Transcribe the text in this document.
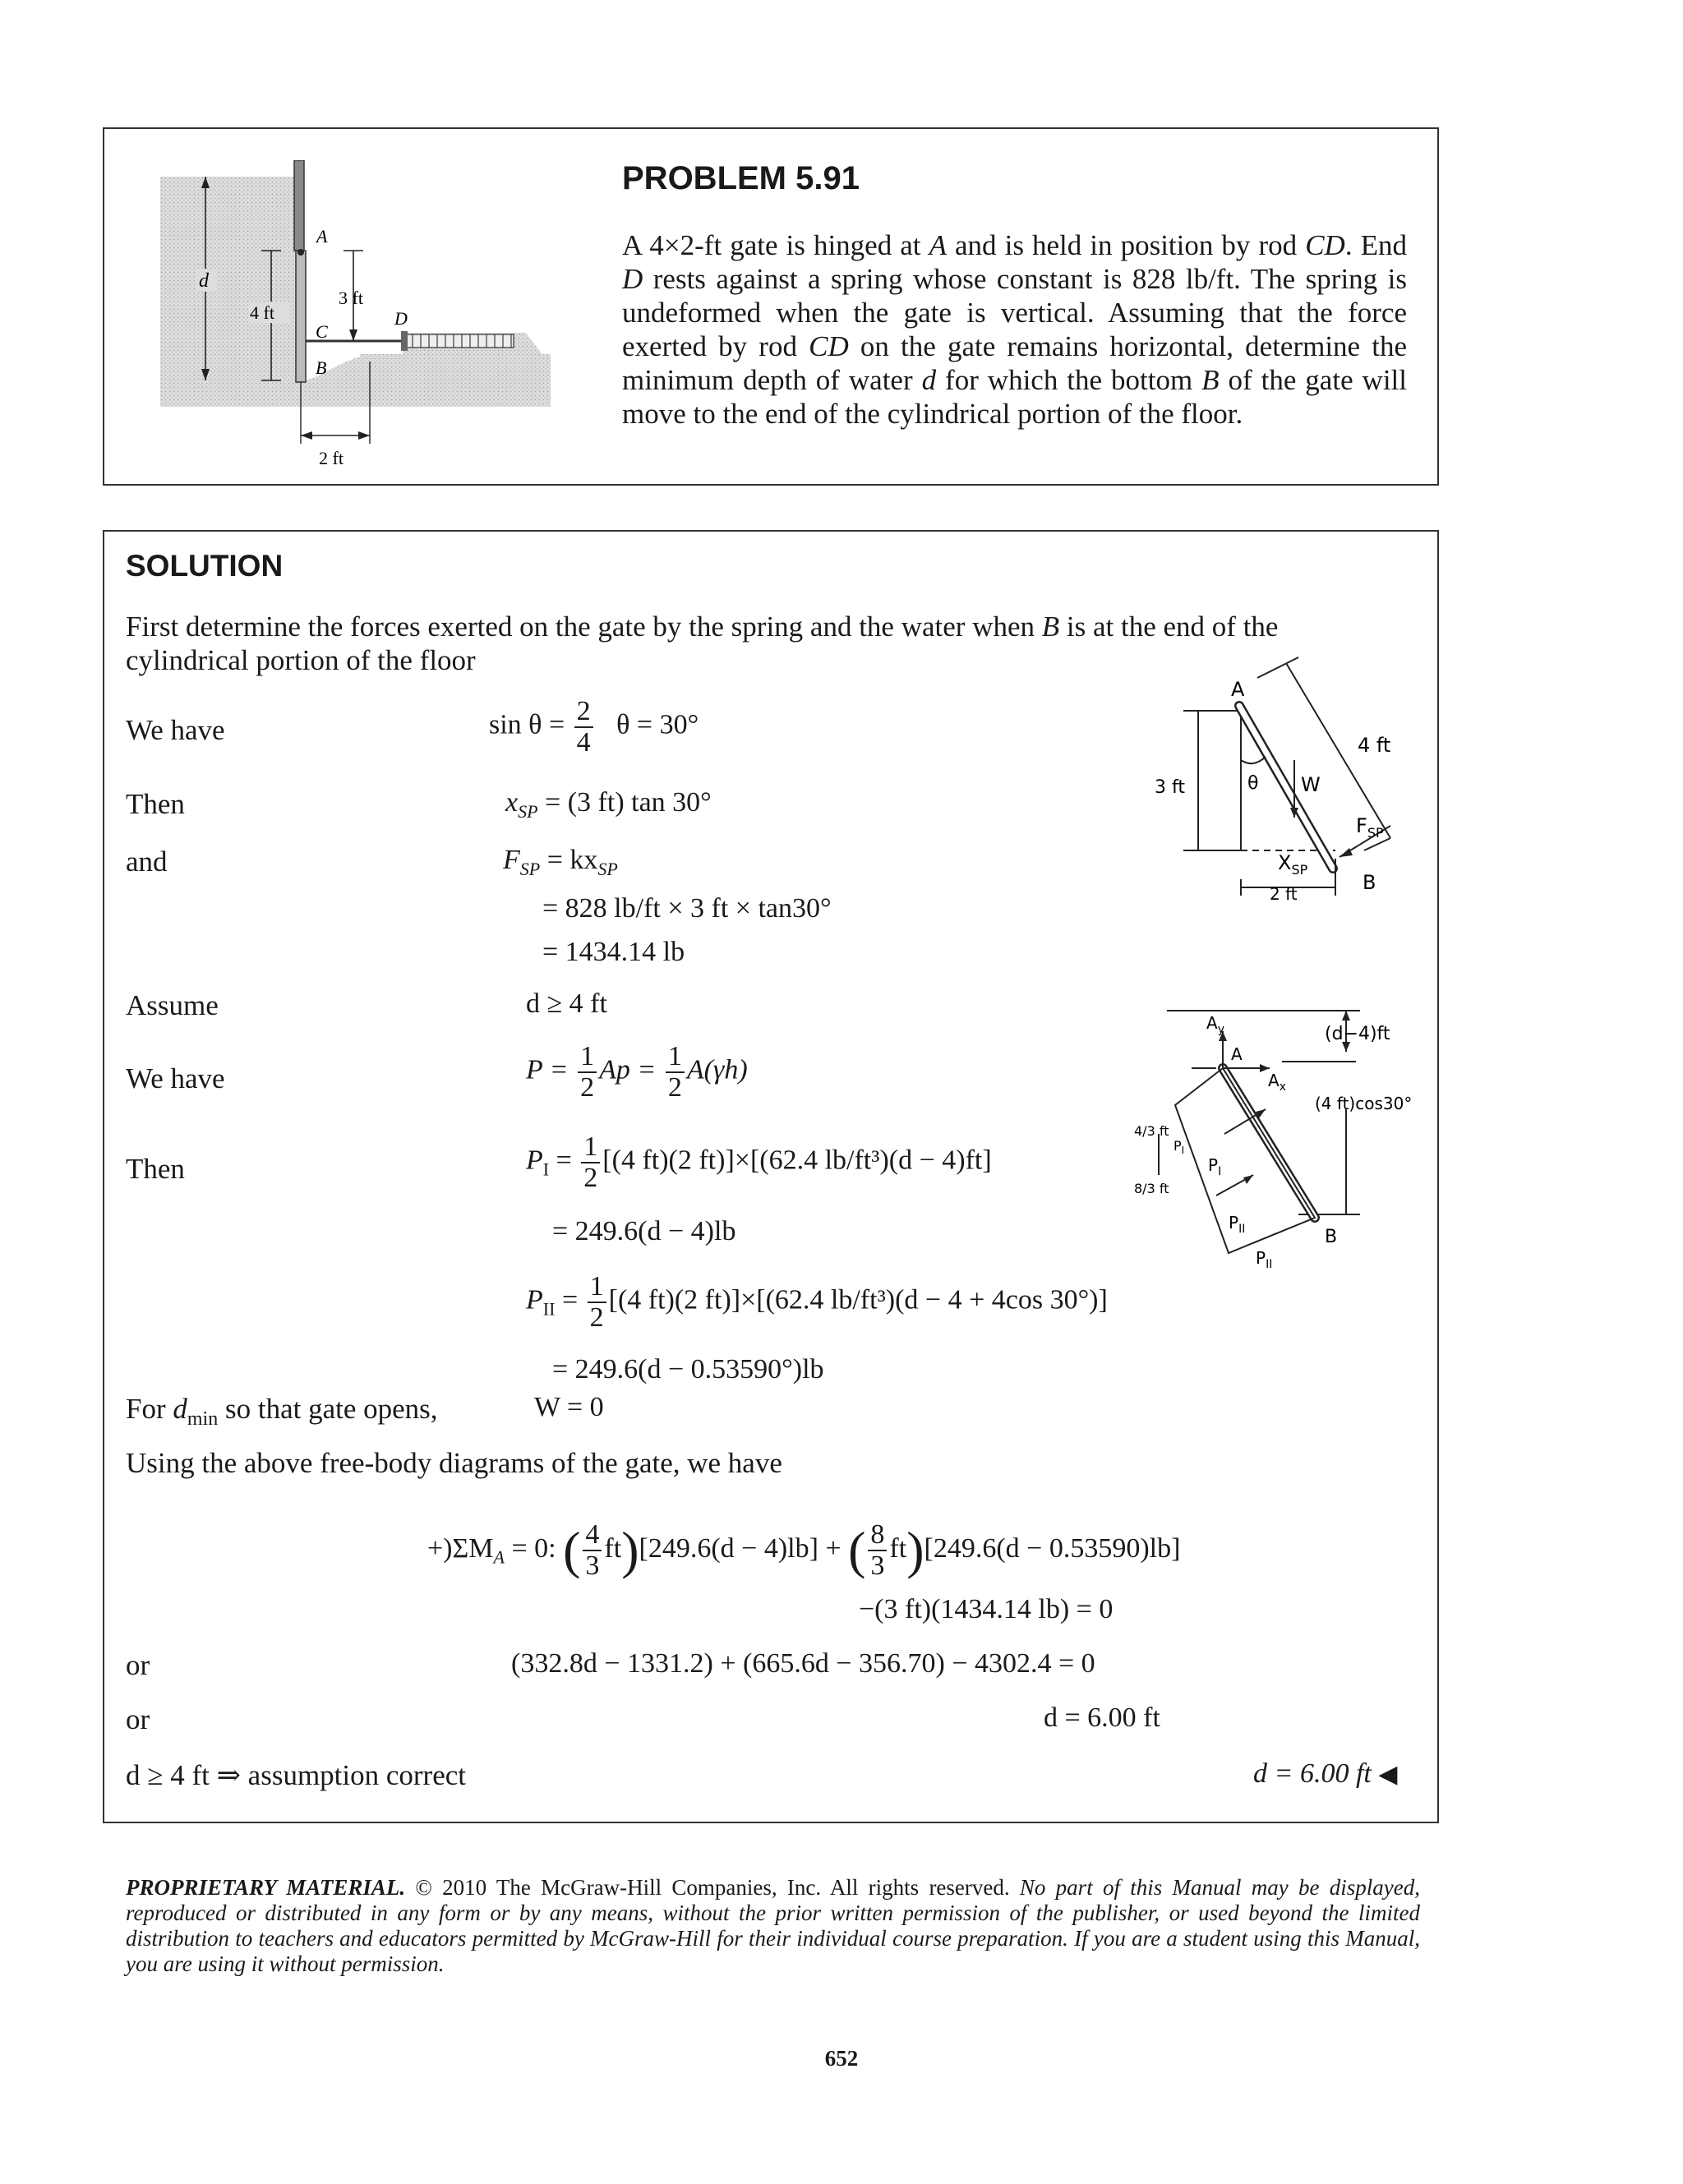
d
4 ft
3 ft
2 ft
A
C
B
D
PROBLEM 5.91
A 4×2-ft gate is hinged at A and is held in position by rod CD. End D rests against a spring whose constant is 828 lb/ft. The spring is undeformed when the gate is vertical. Assuming that the force exerted by rod CD on the gate remains horizontal, determine the minimum depth of water d for which the bottom B of the gate will move to the end of the cylindrical portion of the floor.
SOLUTION
First determine the forces exerted on the gate by the spring and the water when B is at the end of the cylindrical portion of the floor
We have
Then
and
Assume
We have
Then
For $d_{min}$ so that gate opens,
Using the above free-body diagrams of the gate, we have
or
or
d ≥ 4 ft ⇒ assumption correct
$\sin \theta = \frac{2}{4}$ θ = 30°
$x_{SP} = (3$ ft) tan 30°
$F_{SP} = kx_{SP}$
= 828 lb/ft × 3 ft × tan30°
= 1434.14 lb
d ≥ 4 ft
$P = \frac{1}{2}$ $Ap = \frac{1}{2} A(\gamma h)$
$P_I = \frac{1}{2} [(4$ ft)(2 ft)]×[(62.4 lb/ft³)(d − 4)ft]
= 249.6(d − 4)lb
$P_{II} = \frac{1}{2} [(4$ ft)(2 ft)]×[(62.4 lb/ft³)(d − 4 + 4cos 30°)]
= 249.6(d − 0.53590°)lb
W = 0
$+)\Sigma M_A = 0$: ( $\frac{4}{3} ft)[249.6(d - 4)lb]$ + ( $\frac{8}{3} ft)[249.6(d - 0.53590)lb]$
−(3 ft)(1434.14 lb) = 0
(332.8d − 1331.2) + (665.6d − 356.70) − 4302.4 = 0
d = 6.00 ft
d = 6.00 ft ◀
A
θ W
3 ft
4 ft
$F_{SP}$
$X_{SP}$
B
2 ft
$A_y$
A
$A_x$
(d−4)ft
(4 ft)cos30°
$P_I$
$P_I$
$P_{II}$
$P_{II}$
B
4/3 ft
8/3 ft
PROPRIETARY MATERIAL. © 2010 The McGraw-Hill Companies, Inc. All rights reserved. No part of this Manual may be displayed, reproduced or distributed in any form or by any means, without the prior written permission of the publisher, or used beyond the limited distribution to teachers and educators permitted by McGraw-Hill for their individual course preparation. If you are a student using this Manual, you are using it without permission.
652
